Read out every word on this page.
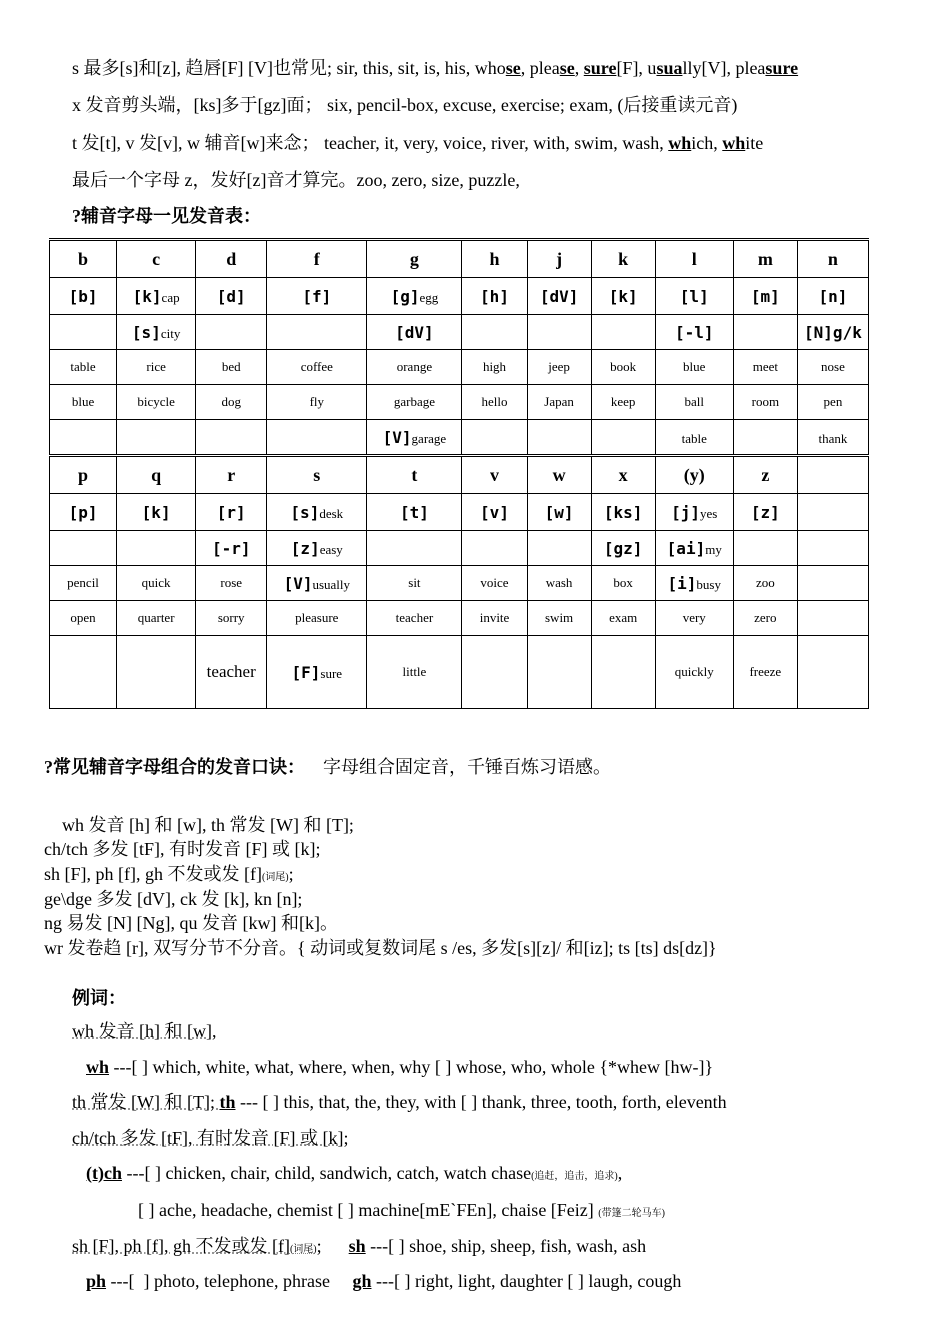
s 最多[s]和[z], 趋唇[F] [V]也常见; sir, this, sit, is, his, whose, please, sure[F], usually[V], pleasure
x 发音剪头端，[ks]多于[gz]面； six, pencil-box, excuse, exercise; exam, (后接重读元音)
t 发[t], v 发[v], w 辅音[w]来念； teacher, it, very, voice, river, with, swim, wash, which, white
最后一个字母 z，发好[z]音才算完。zoo, zero, size, puzzle,
?辅音字母一见发音表：
b	c	d	f	g	h	j	k	l	m	n
[b]	[k]cap	[d]	[f]	[g]egg	[h]	[dV]	[k]	[l]	[m]	[n]
	[s]city			[dV]				[-l]		[N]g/k
table	rice	bed	coffee	orange	high	jeep	book	blue	meet	nose
blue	bicycle	dog	fly	garbage	hello	Japan	keep	ball	room	pen
				[V]garage				table		thank
p	q	r	s	t	v	w	x	(y)	z	
[p]	[k]	[r]	[s]desk	[t]	[v]	[w]	[ks]	[j]yes	[z]	
		[-r]	[z]easy				[gz]	[ai]my		
pencil	quick	rose	[V]usually	sit	voice	wash	box	[i]busy	zoo	
open	quarter	sorry	pleasure	teacher	invite	swim	exam	very	zero	
		teacher	[F]sure	little				quickly	freeze	
?常见辅音字母组合的发音口诀： 字母组合固定音，千锤百炼习语感。
wh 发音 [h] 和 [w], th 常发 [W] 和 [T];
ch/tch 多发 [tF], 有时发音 [F] 或 [k];
sh [F], ph [f], gh 不发或发 [f](词尾);
ge\dge 多发 [dV], ck 发 [k], kn [n];
ng 易发 [N] [Ng], qu 发音 [kw] 和[k]。
wr 发卷趋 [r], 双写分节不分音。{ 动词或复数词尾 s /es, 多发[s][z]/ 和[iz]; ts [ts] ds[dz]}
例词：
wh 发音 [h] 和 [w],
wh ---[ ] which, white, what, where, when, why [ ] whose, who, whole {*whew [hw-]}
th 常发 [W] 和 [T]; th --- [ ] this, that, the, they, with [ ] thank, three, tooth, forth, eleventh
ch/tch 多发 [tF], 有时发音 [F] 或 [k];
(t)ch ---[ ] chicken, chair, child, sandwich, catch, watch chase(追赶，追击，追求),
[ ] ache, headache, chemist [ ] machine[mE`FEn], chaise [Feiz] (带篷二轮马车)
sh [F], ph [f], gh 不发或发 [f](词尾);      sh ---[ ] shoe, ship, sheep, fish, wash, ash
ph ---[  ] photo, telephone, phrase     gh ---[ ] right, light, daughter [ ] laugh, cough
